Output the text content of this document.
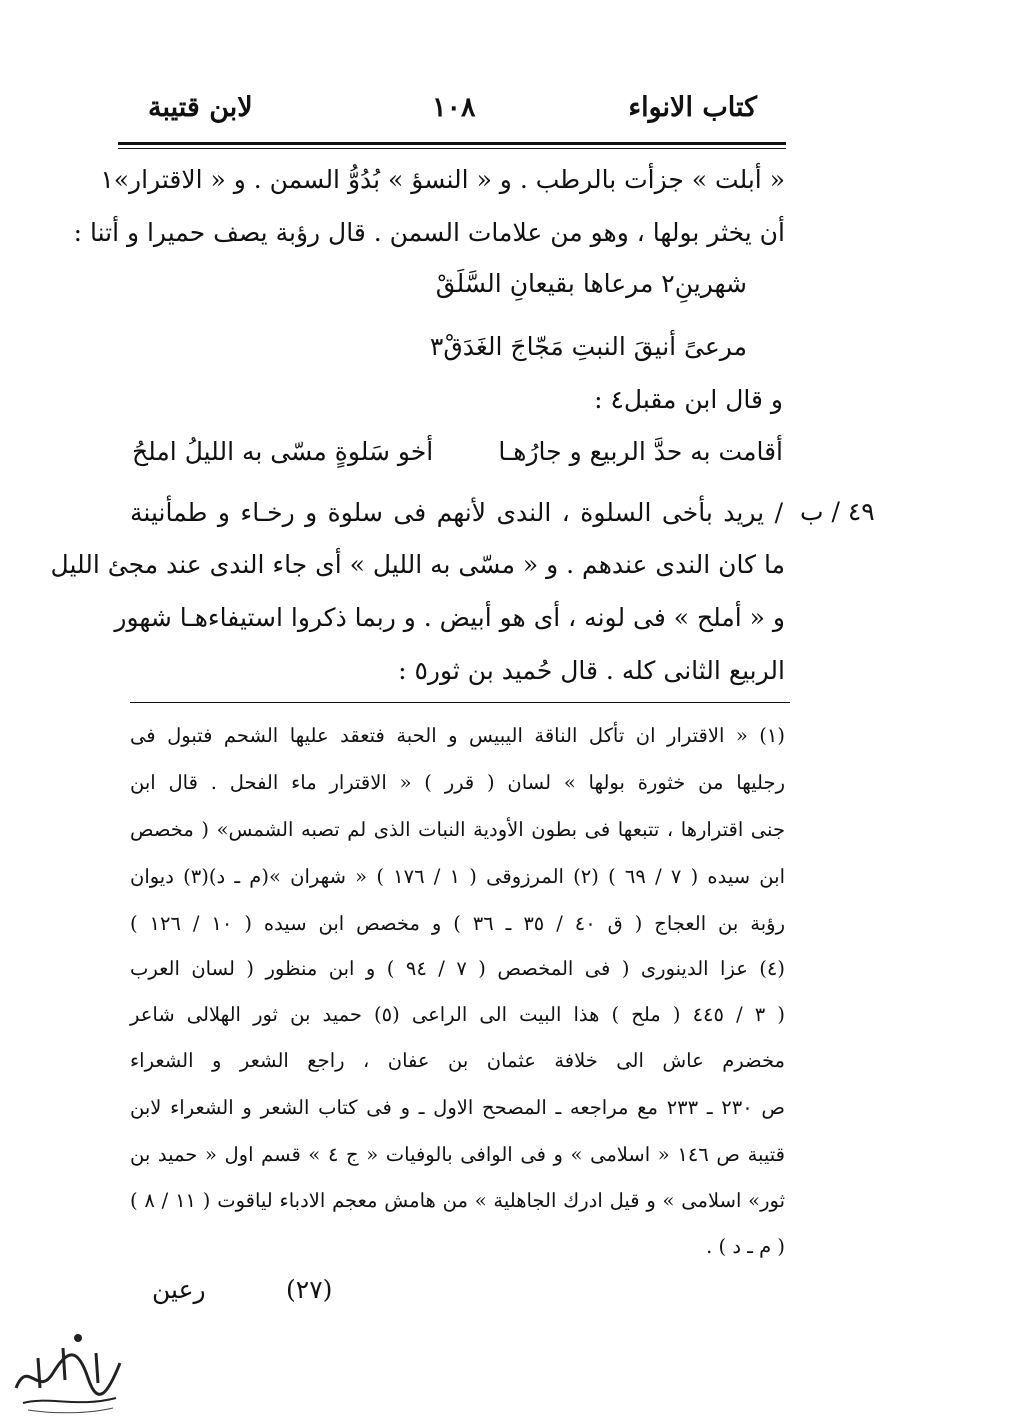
كتاب الانواء
١٠٨
لابن قتيبة
« أبلت » جزأت بالرطب . و « النسؤ » بُدُوُّ السمن . و « الاقترار»١
أن يخثر بولها ، وهو من علامات السمن . قال رؤبة يصف حميرا و أتنا :
شهرينِ٢ مرعاها بقيعانِ السَّلَقْ
مرعىً أنيقَ النبتِ مَجّاجَ الغَدَقْ٣
و قال ابن مقبل٤ :
أقامت به حدَّ الربيع و جارُهـا
أخو سَلوةٍ مسّى به الليلُ املحُ
٤٩ / ب
/ يريد بأخى السلوة ، الندى لأنهم فى سلوة و رخـاء و طمأنينة
ما كان الندى عندهم . و « مسّى به الليل » أى جاء الندى عند مجئ الليل
و « أملح » فى لونه ، أى هو أبيض . و ربما ذكروا استيفاءهـا شهور
الربيع الثانى كله . قال حُميد بن ثور٥ :
(١) « الاقترار ان تأكل الناقة اليبيس و الحبة فتعقد عليها الشحم فتبول فى
رجليها من خثورة بولها » لسان ( قرر ) « الاقترار ماء الفحل . قال ابن
جنى اقترارها ، تتبعها فى بطون الأودية النبات الذى لم تصبه الشمس» ( مخصص
ابن سيده ( ٧ / ٦٩ ) (٢) المرزوقى ( ١ / ١٧٦ ) « شهران »(م ـ د)(٣) ديوان
رؤبة بن العجاج ( ق ٤٠ / ٣٥ ـ ٣٦ ) و مخصص ابن سيده ( ١٠ / ١٢٦ )
(٤) عزا الدينورى ( فى المخصص ( ٧ / ٩٤ ) و ابن منظور ( لسان العرب
( ٣ / ٤٤٥ ( ملح ) هذا البيت الى الراعى (٥) حميد بن ثور الهلالى شاعر
مخضرم عاش الى خلافة عثمان بن عفان ، راجع الشعر و الشعراء
ص ٢٣٠ ـ ٢٣٣ مع مراجعه ـ المصحح الاول ـ و فى كتاب الشعر و الشعراء لابن
قتيبة ص ١٤٦ « اسلامى » و فى الوافى بالوفيات « ج ٤ » قسم اول « حميد بن
ثور» اسلامى » و قيل ادرك الجاهلية » من هامش معجم الادباء لياقوت ( ١١ / ٨ )
( م ـ د ) .
(٢٧)
رعين
